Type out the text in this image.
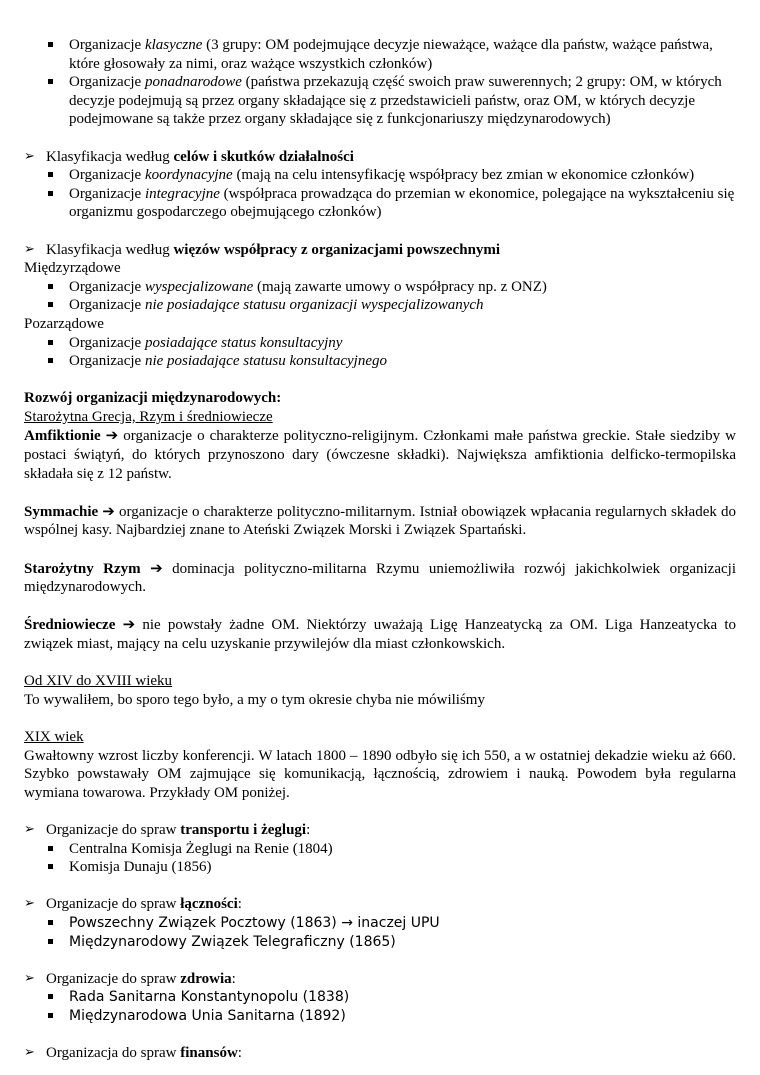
Organizacje klasyczne (3 grupy: OM podejmujące decyzje nieważące, ważące dla państw, ważące państwa, które głosowały za nimi, oraz ważące wszystkich członków)
Organizacje ponadnarodowe (państwa przekazują część swoich praw suwerennych; 2 grupy: OM, w których decyzje podejmują są przez organy składające się z przedstawicieli państw, oraz OM, w których decyzje podejmowane są także przez organy składające się z funkcjonariuszy międzynarodowych)

➢ Klasyfikacja według celów i skutków działalności

Organizacje koordynacyjne (mają na celu intensyfikację współpracy bez zmian w ekonomice członków)
Organizacje integracyjne (współpraca prowadząca do przemian w ekonomice, polegające na wykształceniu się organizmu gospodarczego obejmującego członków)

➢ Klasyfikacja według więzów współpracy z organizacjami powszechnymi

Międzyrządowe

Organizacje wyspecjalizowane (mają zawarte umowy o współpracy np. z ONZ)
Organizacje nie posiadające statusu organizacji wyspecjalizowanych

Pozarządowe

Organizacje posiadające status konsultacyjny
Organizacje nie posiadające statusu konsultacyjnego

Rozwój organizacji międzynarodowych:

Starożytna Grecja, Rzym i średniowiecze

Amfiktionie ➔ organizacje o charakterze polityczno-religijnym. Członkami małe państwa greckie. Stałe siedziby w postaci świątyń, do których przynoszono dary (ówczesne składki). Największa amfiktionia delficko-termopilska składała się z 12 państw.

Symmachie ➔ organizacje o charakterze polityczno-militarnym. Istniał obowiązek wpłacania regularnych składek do wspólnej kasy. Najbardziej znane to Ateński Związek Morski i Związek Spartański.

Starożytny Rzym ➔ dominacja polityczno-militarna Rzymu uniemożliwiła rozwój jakichkolwiek organizacji międzynarodowych.

Średniowiecze ➔ nie powstały żadne OM. Niektórzy uważają Ligę Hanzeatycką za OM. Liga Hanzeatycka to związek miast, mający na celu uzyskanie przywilejów dla miast członkowskich.

Od XIV do XVIII wieku

To wywaliłem, bo sporo tego było, a my o tym okresie chyba nie mówiliśmy

XIX wiek

Gwałtowny wzrost liczby konferencji. W latach 1800 – 1890 odbyło się ich 550, a w ostatniej dekadzie wieku aż 660. Szybko powstawały OM zajmujące się komunikacją, łącznością, zdrowiem i nauką. Powodem była regularna wymiana towarowa. Przykłady OM poniżej.

➢ Organizacje do spraw transportu i żeglugi:

Centralna Komisja Żeglugi na Renie (1804)
Komisja Dunaju (1856)

➢ Organizacje do spraw łączności:

Powszechny Związek Pocztowy (1863) → inaczej UPU
Międzynarodowy Związek Telegraficzny (1865)

➢ Organizacje do spraw zdrowia:

Rada Sanitarna Konstantynopolu (1838)
Międzynarodowa Unia Sanitarna (1892)

➢ Organizacja do spraw finansów:
